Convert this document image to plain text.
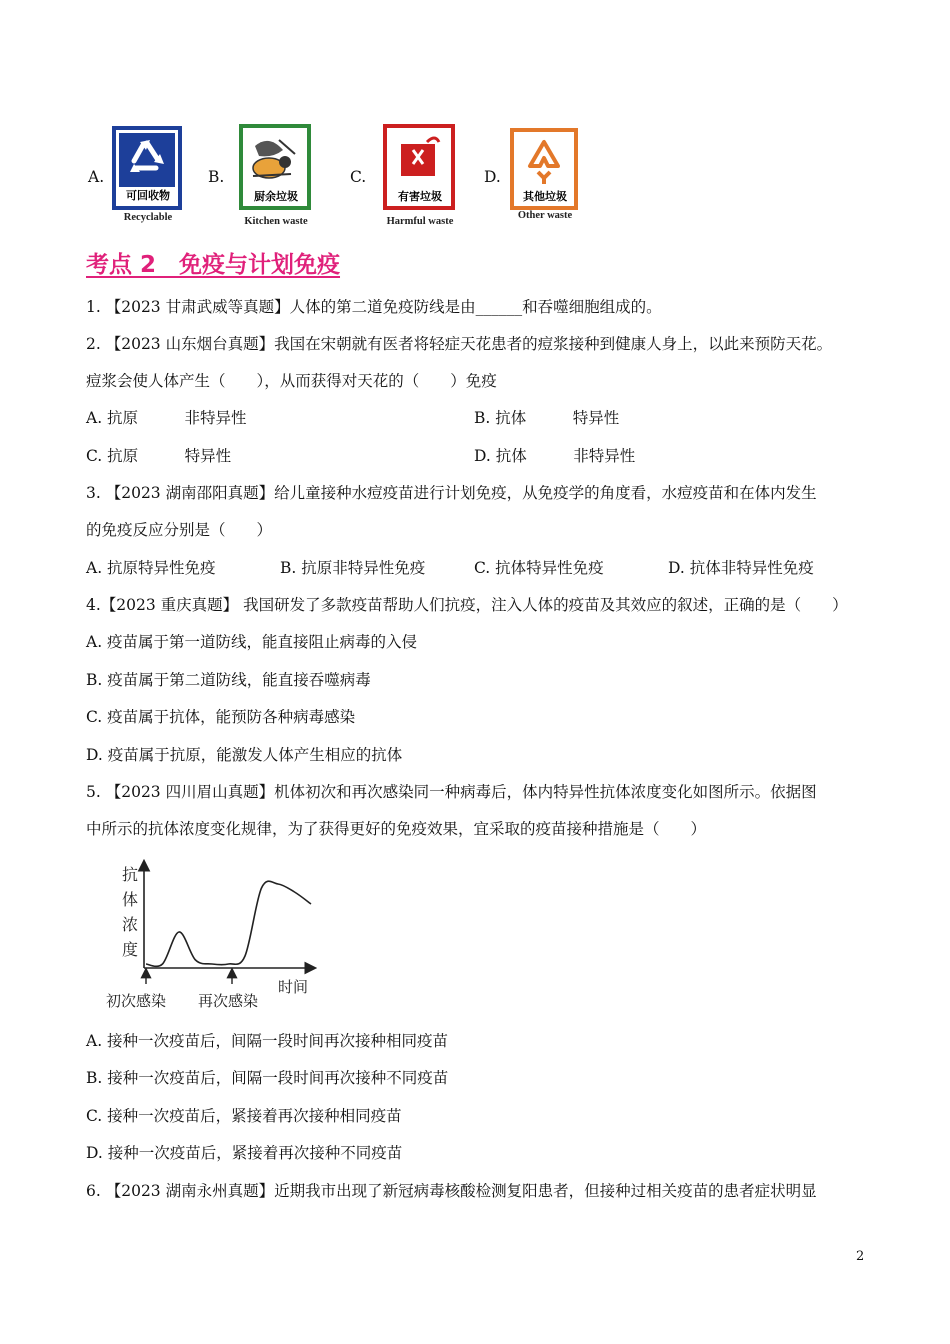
A.	B.	C.	D.
可回收物
Recyclable
厨余垃圾
Kitchen waste
有害垃圾
Harmful waste
其他垃圾
Other waste
考点 2　免疫与计划免疫
1. 【2023 甘肃武威等真题】人体的第二道免疫防线是由______和吞噬细胞组成的。
2. 【2023 山东烟台真题】我国在宋朝就有医者将轻症天花患者的痘浆接种到健康人身上，以此来预防天花。
痘浆会使人体产生（　　），从而获得对天花的（　　）免疫
A. 抗原　　　非特异性	B. 抗体　　　特异性
C. 抗原　　　特异性	D. 抗体　　　非特异性
3. 【2023 湖南邵阳真题】给儿童接种水痘疫苗进行计划免疫，从免疫学的角度看，水痘疫苗和在体内发生
的免疫反应分别是（　　）
A. 抗原特异性免疫	B. 抗原非特异性免疫	C. 抗体特异性免疫	D. 抗体非特异性免疫
4.【2023 重庆真题】 我国研发了多款疫苗帮助人们抗疫，注入人体的疫苗及其效应的叙述，正确的是（　　）
A. 疫苗属于第一道防线，能直接阻止病毒的入侵
B. 疫苗属于第二道防线，能直接吞噬病毒
C. 疫苗属于抗体，能预防各种病毒感染
D. 疫苗属于抗原，能激发人体产生相应的抗体
5. 【2023 四川眉山真题】机体初次和再次感染同一种病毒后，体内特异性抗体浓度变化如图所示。依据图
中所示的抗体浓度变化规律，为了获得更好的免疫效果，宜采取的疫苗接种措施是（　　）
抗
体
浓
度
时间
初次感染 再次感染
A. 接种一次疫苗后，间隔一段时间再次接种相同疫苗
B. 接种一次疫苗后，间隔一段时间再次接种不同疫苗
C. 接种一次疫苗后，紧接着再次接种相同疫苗
D. 接种一次疫苗后，紧接着再次接种不同疫苗
6. 【2023 湖南永州真题】近期我市出现了新冠病毒核酸检测复阳患者，但接种过相关疫苗的患者症状明显
2
